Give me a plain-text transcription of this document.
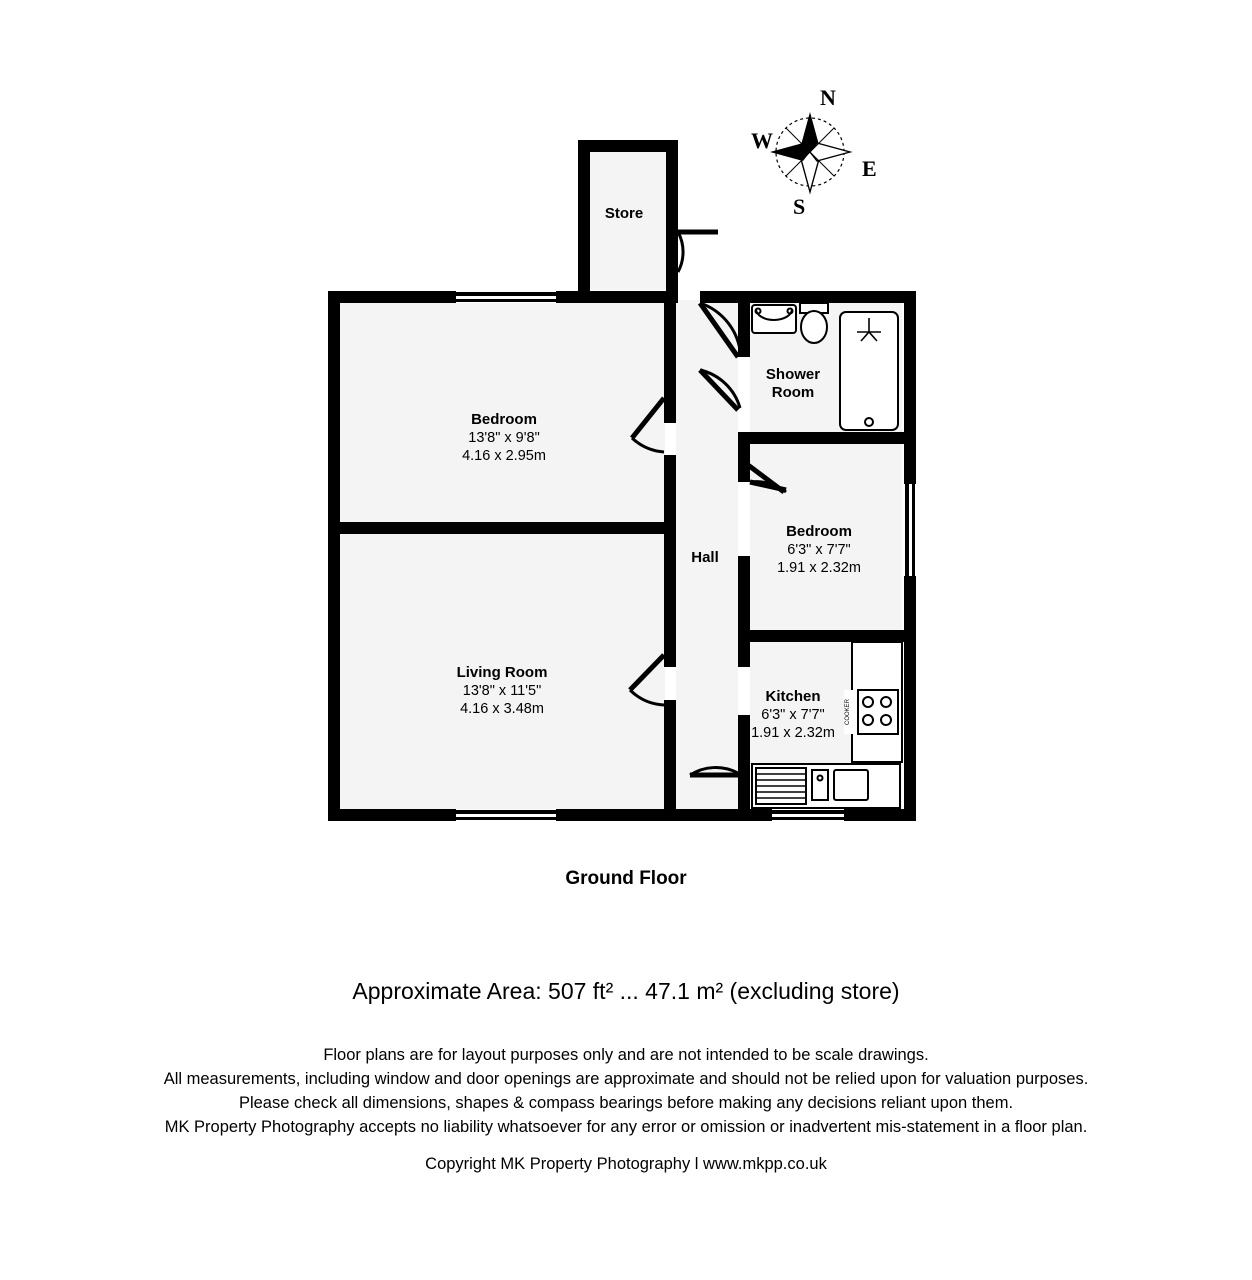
COOKER
N
S
E
W
Store
Bedroom
13'8" x 9'8"
4.16 x 2.95m
Shower
Room
Bedroom
6'3" x 7'7"
1.91 x 2.32m
Hall
Living Room
13'8" x 11'5"
4.16 x 3.48m
Kitchen
6'3" x 7'7"
1.91 x 2.32m
Ground Floor
Approximate Area: 507 ft² ... 47.1 m² (excluding store)
Floor plans are for layout purposes only and are not intended to be scale drawings.
All measurements, including window and door openings are approximate and should not be relied upon for valuation purposes.
Please check all dimensions, shapes & compass bearings before making any decisions reliant upon them.
MK Property Photography accepts no liability whatsoever for any error or omission or inadvertent mis-statement in a floor plan.
Copyright MK Property Photography l www.mkpp.co.uk
